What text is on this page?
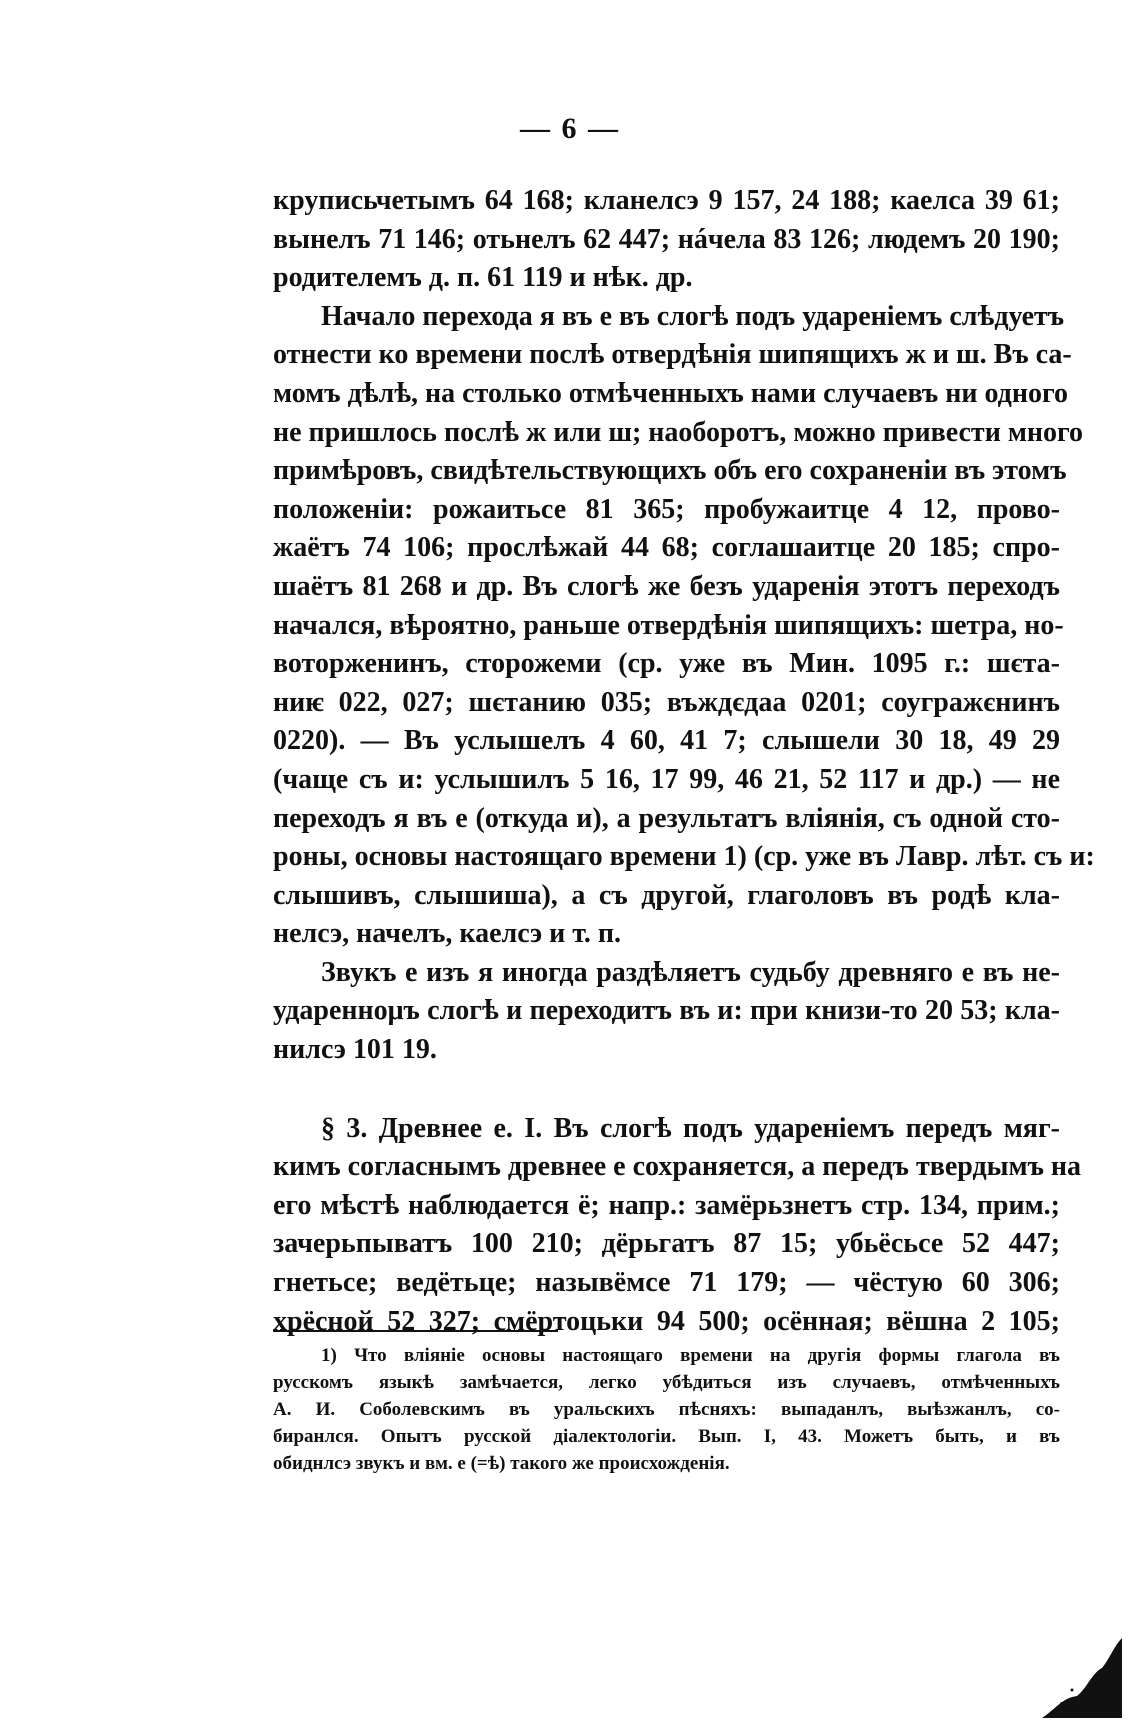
— 6 —
круписьчетымъ 64 168; кланелсэ 9 157, 24 188; каелса 39 61;
вынелъ 71 146; отьнелъ 62 447; нáчела 83 126; людемъ 20 190;
родителемъ д. п. 61 119 и нѣк. др.
Начало перехода я въ е въ слогѣ подъ удареніемъ слѣдуетъ
отнести ко времени послѣ отвердѣнія шипящихъ ж и ш. Въ са-
момъ дѣлѣ, на столько отмѣченныхъ нами случаевъ ни одного
не пришлось послѣ ж или ш; наоборотъ, можно привести много
примѣровъ, свидѣтельствующихъ объ его сохраненіи въ этомъ
положеніи: рожаитьсе 81 365; пробужаитце 4 12, прово-
жаётъ 74 106; прослѣжай 44 68; соглашаитце 20 185; спро-
шаётъ 81 268 и др. Въ слогѣ же безъ ударенія этотъ переходъ
начался, вѣроятно, раньше отвердѣнія шипящихъ: шетра, но-
воторженинъ, сторожеми (ср. уже въ Мин. 1095 г.: шєта-
ниѥ 022, 027; шєтанию 035; въждєдаа 0201; соугражєнинъ
0220). — Въ услышелъ 4 60, 41 7; слышели 30 18, 49 29
(чаще съ и: услышилъ 5 16, 17 99, 46 21, 52 117 и др.) — не
переходъ я въ е (откуда и), а результатъ вліянія, съ одной сто-
роны, основы настоящаго времени 1) (ср. уже въ Лавр. лѣт. съ и:
слышивъ, слышиша), а съ другой, глаголовъ въ родѣ кла-
нелсэ, начелъ, каелсэ и т. п.
Звукъ е изъ я иногда раздѣляетъ судьбу древняго е въ не-
удареннομъ слогѣ и переходитъ въ и: при книзи-то 20 53; кла-
нилсэ 101 19.
§ 3. Древнее е. I. Въ слогѣ подъ удареніемъ передъ мяг-
кимъ согласнымъ древнее е сохраняется, а передъ твердымъ на
его мѣстѣ наблюдается ё; напр.: замёрьзнетъ стр. 134, прим.;
зачерьпыватъ 100 210; дёрьгатъ 87 15; убьёсьсе 52 447;
гнетьсе; ведётьце; назывёмсе 71 179; — чёстую 60 306;
хрёсной 52 327; смёртоцьки 94 500; осённая; вёшна 2 105;
1) Что вліяніе основы настоящаго времени на другія формы глагола въ
русскомъ языкѣ замѣчается, легко убѣдиться изъ случаевъ, отмѣченныхъ
А. И. Соболевскимъ въ уральскихъ пѣсняхъ: выпаданлъ, выѣзжанлъ, со-
биранлся. Опытъ русской діалектологіи. Вып. I, 43. Можетъ быть, и въ
обиднлсэ звукъ и вм. е (=ѣ) такого же происхожденія.
